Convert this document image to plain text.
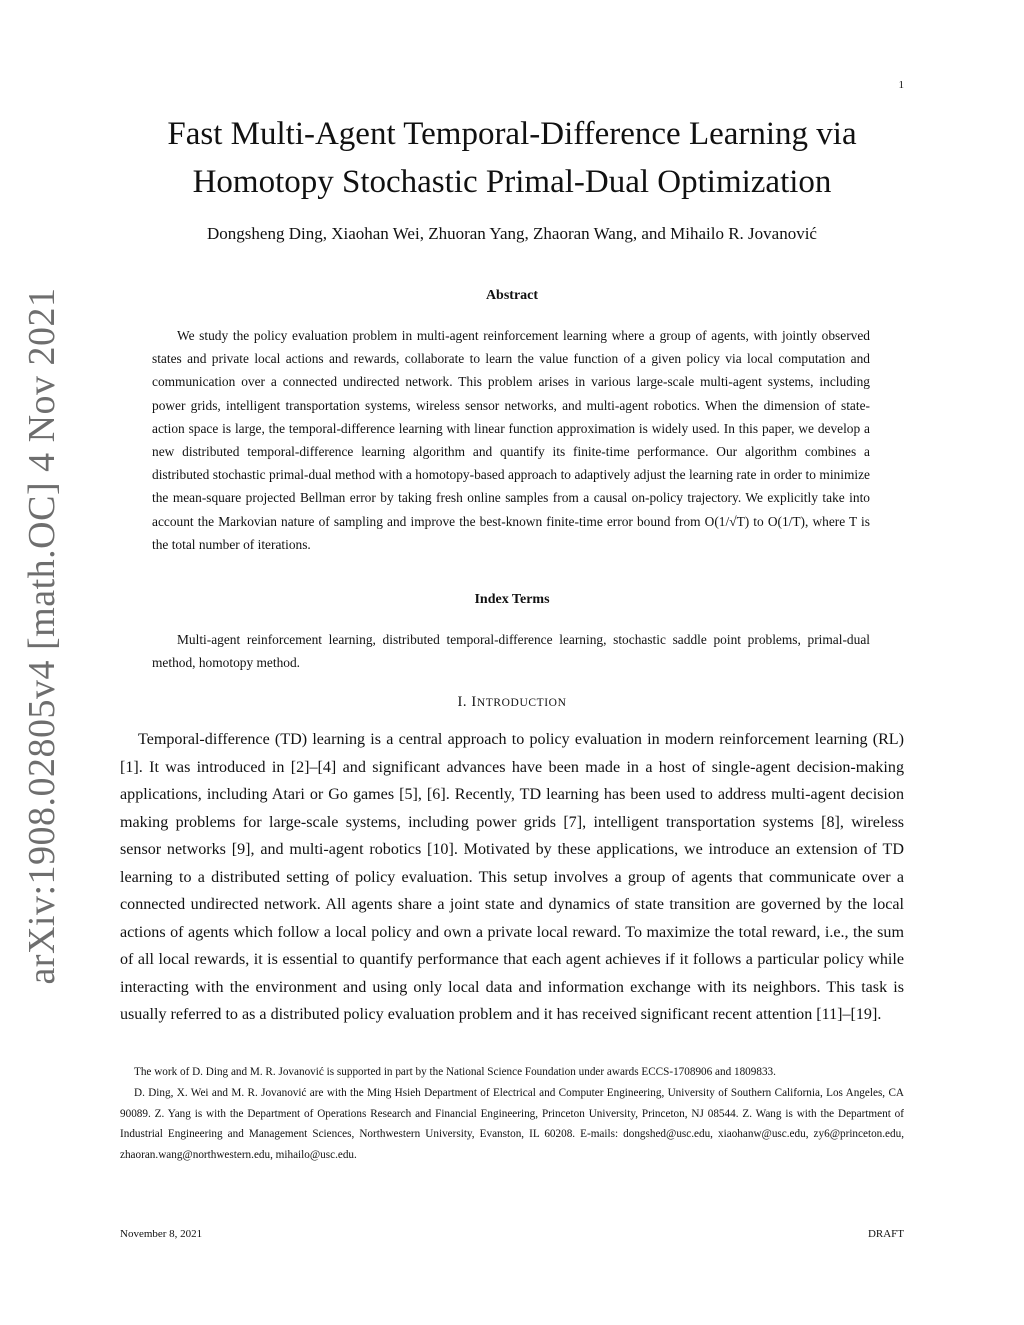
1
arXiv:1908.02805v4 [math.OC] 4 Nov 2021
Fast Multi-Agent Temporal-Difference Learning via
Homotopy Stochastic Primal-Dual Optimization
Dongsheng Ding, Xiaohan Wei, Zhuoran Yang, Zhaoran Wang, and Mihailo R. Jovanović
Abstract

We study the policy evaluation problem in multi-agent reinforcement learning where a group of agents, with jointly observed states and private local actions and rewards, collaborate to learn the value function of a given policy via local computation and communication over a connected undirected network. This problem arises in various large-scale multi-agent systems, including power grids, intelligent transportation systems, wireless sensor networks, and multi-agent robotics. When the dimension of state-action space is large, the temporal-difference learning with linear function approximation is widely used. In this paper, we develop a new distributed temporal-difference learning algorithm and quantify its finite-time performance. Our algorithm combines a distributed stochastic primal-dual method with a homotopy-based approach to adaptively adjust the learning rate in order to minimize the mean-square projected Bellman error by taking fresh online samples from a causal on-policy trajectory. We explicitly take into account the Markovian nature of sampling and improve the best-known finite-time error bound from O(1/√T) to O(1/T), where T is the total number of iterations.

Index Terms

Multi-agent reinforcement learning, distributed temporal-difference learning, stochastic saddle point problems, primal-dual method, homotopy method.

I. INTRODUCTION

Temporal-difference (TD) learning is a central approach to policy evaluation in modern reinforcement learning (RL) [1]. It was introduced in [2]–[4] and significant advances have been made in a host of single-agent decision-making applications, including Atari or Go games [5], [6]. Recently, TD learning has been used to address multi-agent decision making problems for large-scale systems, including power grids [7], intelligent transportation systems [8], wireless sensor networks [9], and multi-agent robotics [10]. Motivated by these applications, we introduce an extension of TD learning to a distributed setting of policy evaluation. This setup involves a group of agents that communicate over a connected undirected network. All agents share a joint state and dynamics of state transition are governed by the local actions of agents which follow a local policy and own a private local reward. To maximize the total reward, i.e., the sum of all local rewards, it is essential to quantify performance that each agent achieves if it follows a particular policy while interacting with the environment and using only local data and information exchange with its neighbors. This task is usually referred to as a distributed policy evaluation problem and it has received significant recent attention [11]–[19].

The work of D. Ding and M. R. Jovanović is supported in part by the National Science Foundation under awards ECCS-1708906 and 1809833.

D. Ding, X. Wei and M. R. Jovanović are with the Ming Hsieh Department of Electrical and Computer Engineering, University of Southern California, Los Angeles, CA 90089. Z. Yang is with the Department of Operations Research and Financial Engineering, Princeton University, Princeton, NJ 08544. Z. Wang is with the Department of Industrial Engineering and Management Sciences, Northwestern University, Evanston, IL 60208. E-mails: dongshed@usc.edu, xiaohanw@usc.edu, zy6@princeton.edu, zhaoran.wang@northwestern.edu, mihailo@usc.edu.

November 8, 2021	DRAFT
